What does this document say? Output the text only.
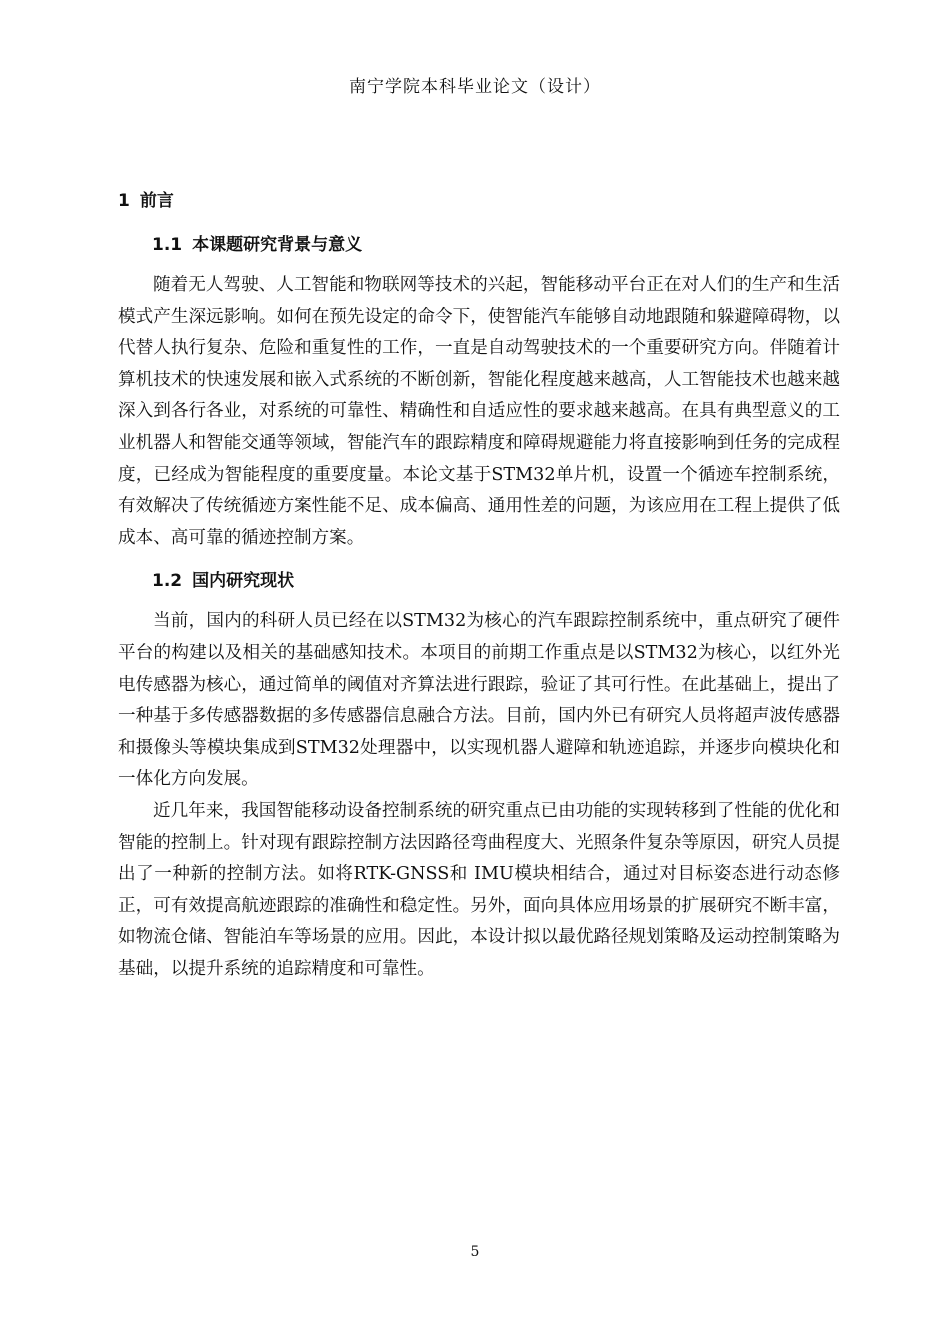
南宁学院本科毕业论文（设计）
1 前言
1.1 本课题研究背景与意义

随着无人驾驶、人工智能和物联网等技术的兴起，智能移动平台正在对人们的生产和生活模式产生深远影响。如何在预先设定的命令下，使智能汽车能够自动地跟随和躲避障碍物，以代替人执行复杂、危险和重复性的工作，一直是自动驾驶技术的一个重要研究方向。伴随着计算机技术的快速发展和嵌入式系统的不断创新，智能化程度越来越高，人工智能技术也越来越深入到各行各业，对系统的可靠性、精确性和自适应性的要求越来越高。在具有典型意义的工业机器人和智能交通等领域，智能汽车的跟踪精度和障碍规避能力将直接影响到任务的完成程度，已经成为智能程度的重要度量。本论文基于STM32单片机，设置一个循迹车控制系统，有效解决了传统循迹方案性能不足、成本偏高、通用性差的问题，为该应用在工程上提供了低成本、高可靠的循迹控制方案。

1.2 国内研究现状

当前，国内的科研人员已经在以STM32为核心的汽车跟踪控制系统中，重点研究了硬件平台的构建以及相关的基础感知技术。本项目的前期工作重点是以STM32为核心，以红外光电传感器为核心，通过简单的阈值对齐算法进行跟踪，验证了其可行性。在此基础上，提出了一种基于多传感器数据的多传感器信息融合方法。目前，国内外已有研究人员将超声波传感器和摄像头等模块集成到STM32处理器中，以实现机器人避障和轨迹追踪，并逐步向模块化和一体化方向发展。

近几年来，我国智能移动设备控制系统的研究重点已由功能的实现转移到了性能的优化和智能的控制上。针对现有跟踪控制方法因路径弯曲程度大、光照条件复杂等原因，研究人员提出了一种新的控制方法。如将RTK-GNSS和 IMU模块相结合，通过对目标姿态进行动态修正，可有效提高航迹跟踪的准确性和稳定性。另外，面向具体应用场景的扩展研究不断丰富，如物流仓储、智能泊车等场景的应用。因此，本设计拟以最优路径规划策略及运动控制策略为基础，以提升系统的追踪精度和可靠性。

5
